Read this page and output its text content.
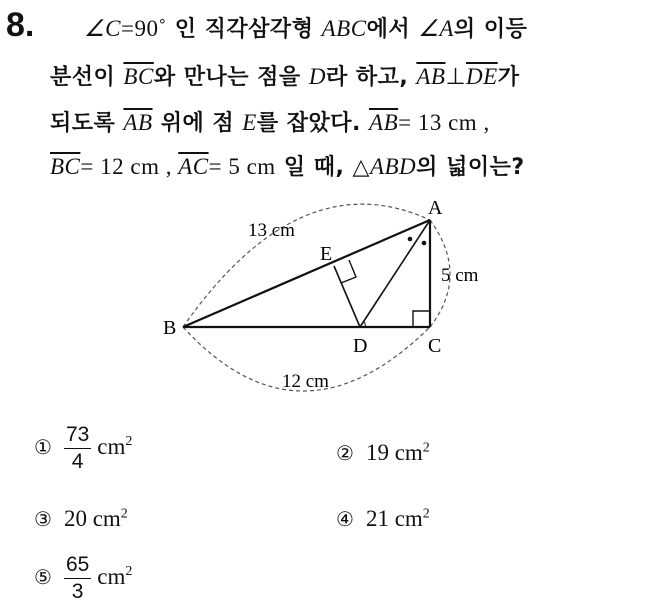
8. ∠C=90˚ 인 직각삼각형 ABC에서 ∠A의 이등
분선이 $\overline{BC}$와 만나는 점을 D라 하고, $\overline{AB}\perp\overline{DE}$가
되도록 $\overline{AB}$ 위에 점 E를 잡았다. $\overline{AB}= 13$ cm ,
$\overline{BC}= 12$ cm , $\overline{AC}= 5$ cm 일 때, △ABD의 넓이는?
A
B
C
D
E
13 cm
5 cm
12 cm
① $\frac{73}{4} cm^2$	② 19 $cm^2$
③ 20 $cm^2$	④ 21 $cm^2$
⑤ $\frac{65}{3} cm^2$
